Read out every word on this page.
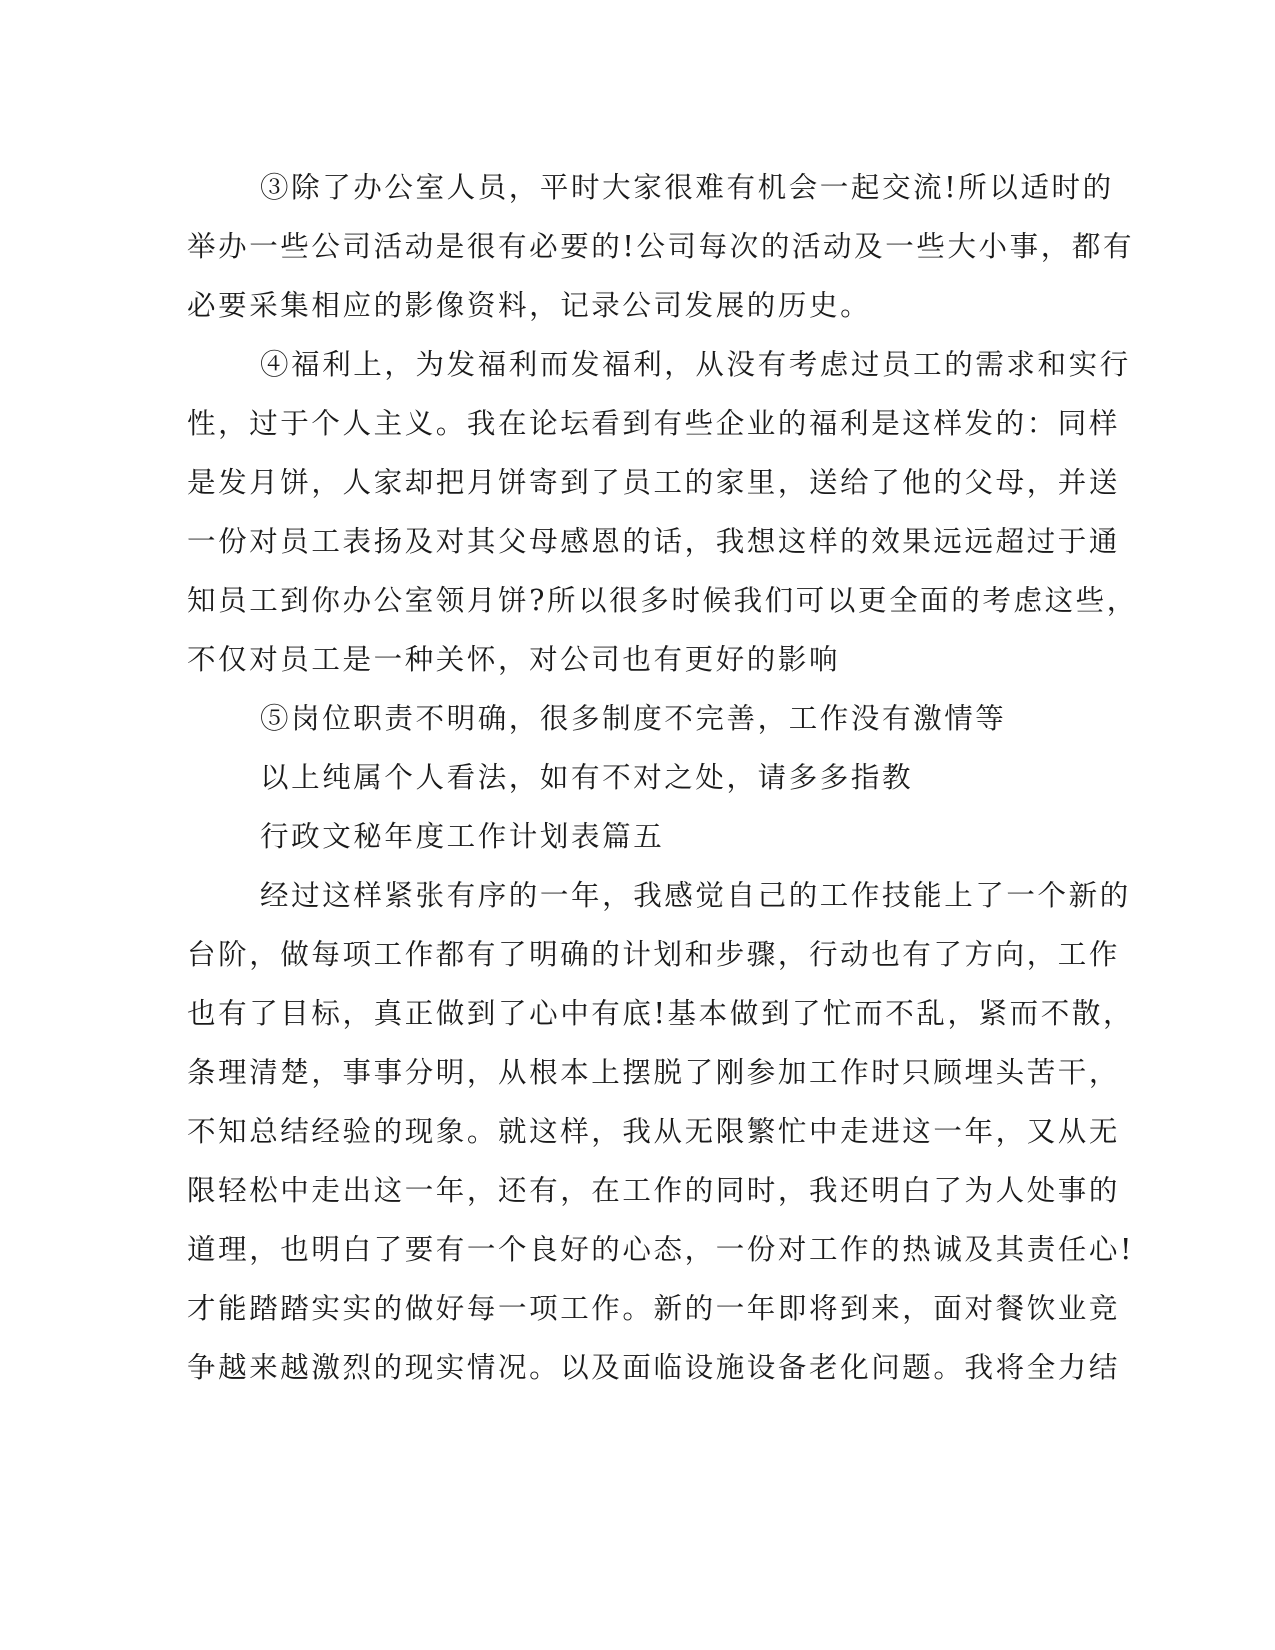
③除了办公室人员，平时大家很难有机会一起交流!所以适时的
举办一些公司活动是很有必要的!公司每次的活动及一些大小事，都有
必要采集相应的影像资料，记录公司发展的历史。
④福利上，为发福利而发福利，从没有考虑过员工的需求和实行
性，过于个人主义。我在论坛看到有些企业的福利是这样发的：同样
是发月饼，人家却把月饼寄到了员工的家里，送给了他的父母，并送
一份对员工表扬及对其父母感恩的话，我想这样的效果远远超过于通
知员工到你办公室领月饼?所以很多时候我们可以更全面的考虑这些，
不仅对员工是一种关怀，对公司也有更好的影响
⑤岗位职责不明确，很多制度不完善，工作没有激情等
以上纯属个人看法，如有不对之处，请多多指教
行政文秘年度工作计划表篇五
经过这样紧张有序的一年，我感觉自己的工作技能上了一个新的
台阶，做每项工作都有了明确的计划和步骤，行动也有了方向，工作
也有了目标，真正做到了心中有底!基本做到了忙而不乱，紧而不散，
条理清楚，事事分明，从根本上摆脱了刚参加工作时只顾埋头苦干，
不知总结经验的现象。就这样，我从无限繁忙中走进这一年，又从无
限轻松中走出这一年，还有，在工作的同时，我还明白了为人处事的
道理，也明白了要有一个良好的心态，一份对工作的热诚及其责任心!
才能踏踏实实的做好每一项工作。新的一年即将到来，面对餐饮业竞
争越来越激烈的现实情况。以及面临设施设备老化问题。我将全力结
